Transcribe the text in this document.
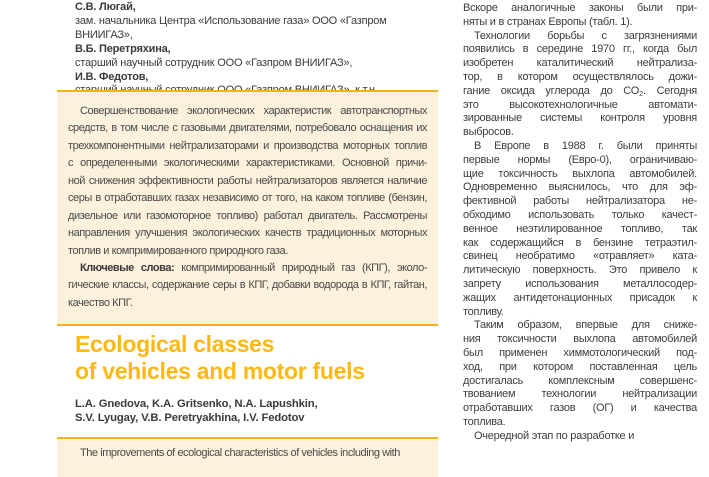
С.В. Люгай,
зам. начальника Центра «Использование газа» ООО «Газпром ВНИИГАЗ»,
В.Б. Перетряхина,
старший научный сотрудник ООО «Газпром ВНИИГАЗ»,
И.В. Федотов,
Совершенствование экологических характеристик автотранспортных
средств, в том числе с газовыми двигателями, потребовало оснащения их
трехкомпонентными нейтрализаторами и производства моторных топлив
с определенными экологическими характеристиками. Основной причи-
ной снижения эффективности работы нейтрализаторов является наличие
серы в отработавших газах независимо от того, на каком топливе (бензин,
дизельное или газомоторное топливо) работал двигатель. Рассмотрены
направления улучшения экологических качеств традиционных моторных
топлив и компримированного природного газа.
Ключевые слова: компримированный природный газ (КПГ), эколо-
гические классы, содержание серы в КПГ, добавки водорода в КПГ, гайтан,
качество КПГ.
Ecological classes
of vehicles and motor fuels
L.A. Gnedova, K.A. Gritsenko, N.A. Lapushkin,
S.V. Lyugay, V.B. Peretryakhina, I.V. Fedotov
The improvements of ecological characteristics of vehicles including with
Вскоре аналогичные законы были при-
няты и в странах Европы (табл. 1).
Технологии борьбы с загрязнениями
появились в середине 1970 гг., когда был
изобретен каталитический нейтрализа-
тор, в котором осуществлялось дожи-
гание оксида углерода до $СО_2$. Сегодня
это высокотехнологичные автомати-
зированные системы контроля уровня
выбросов.
В Европе в 1988 г. были приняты
первые нормы (Евро-0), ограничиваю-
щие токсичность выхлопа автомобилей.
Одновременно выяснилось, что для эф-
фективной работы нейтрализатора не-
обходимо использовать только качест-
венное неэтилированное топливо, так
как содержащийся в бензине тетраэтил-
свинец необратимо «отравляет» ката-
литическую поверхность. Это привело к
запрету использования металлосодер-
жащих антидетонационных присадок к
топливу.
Таким образом, впервые для сниже-
ния токсичности выхлопа автомобилей
был применен химмотологический под-
ход, при котором поставленная цель
достигалась комплексным совершенс-
твованием технологии нейтрализации
отработавших газов (ОГ) и качества
топлива.
Очередной этап по разработке и
